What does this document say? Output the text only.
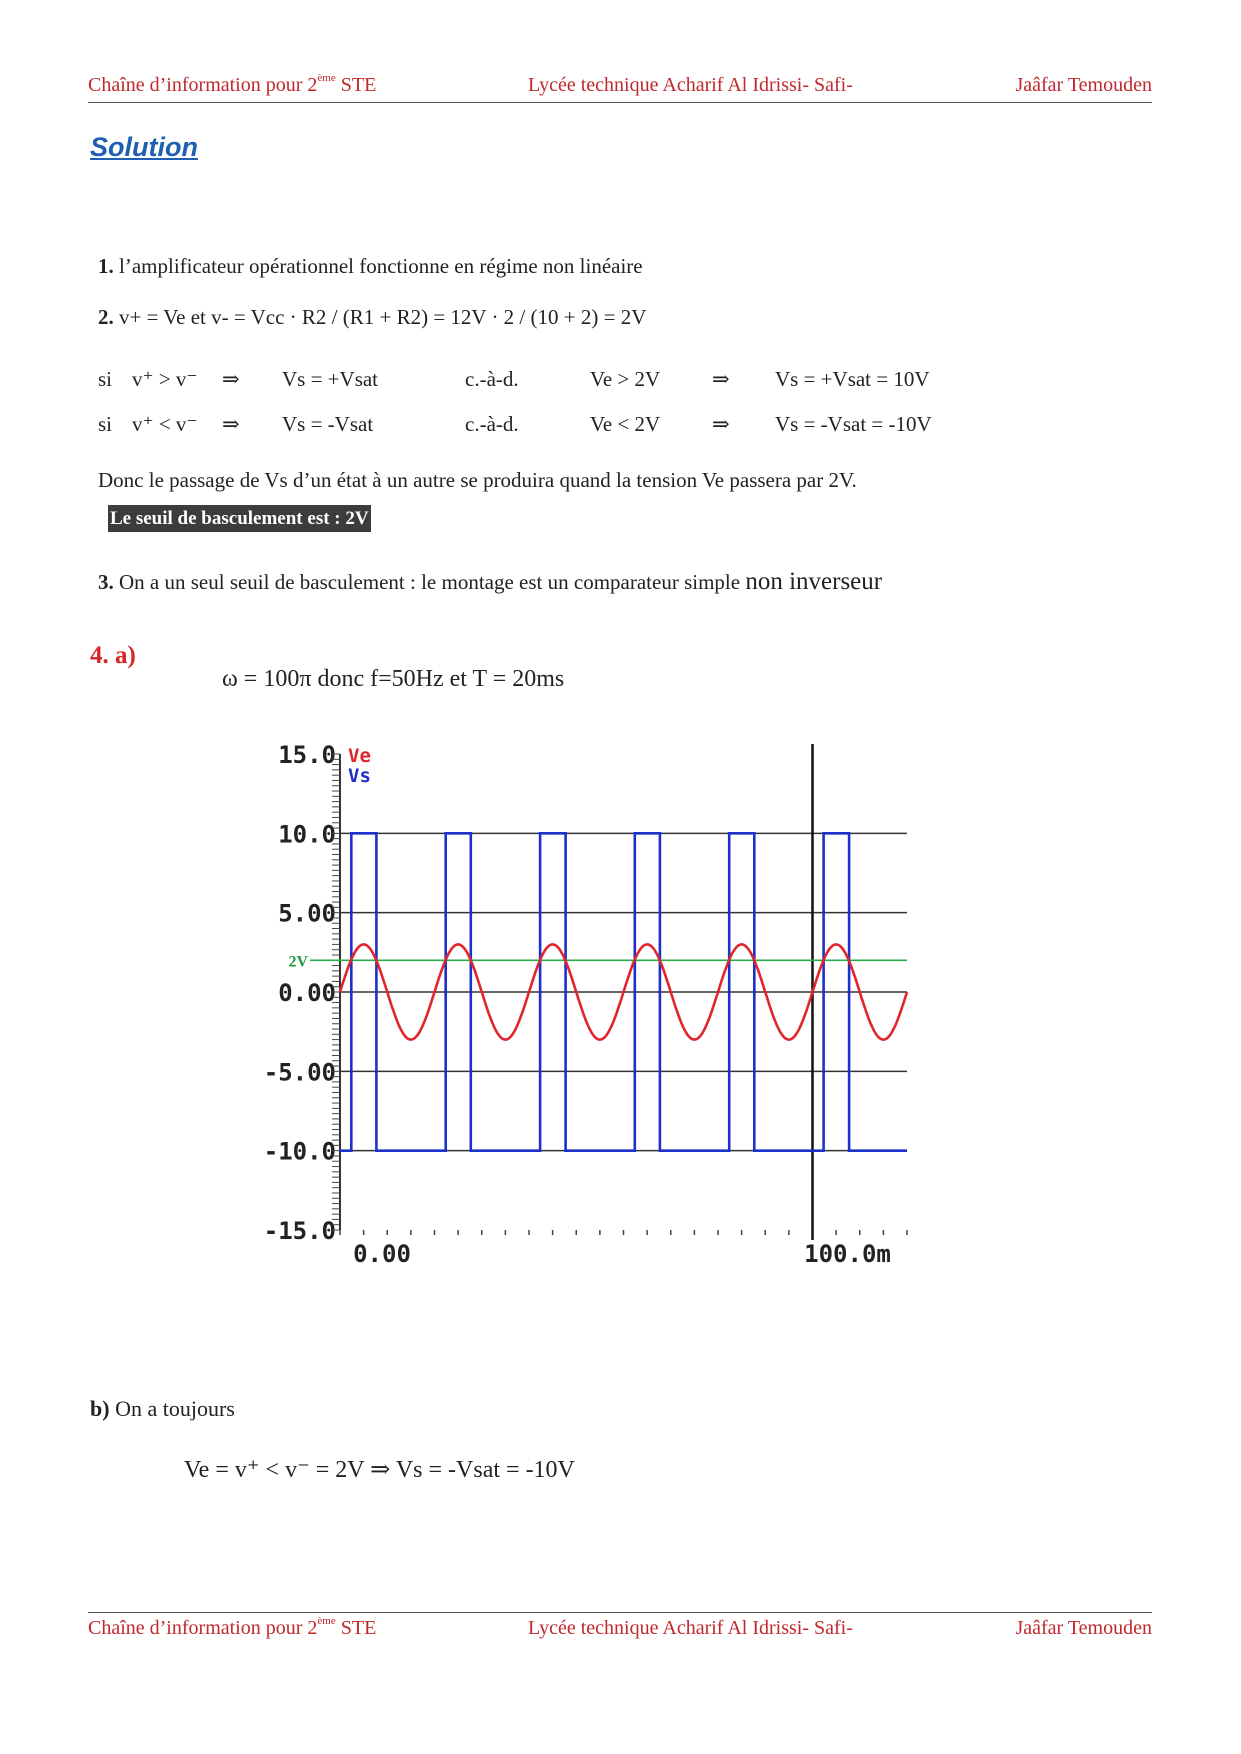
Chaîne d’information pour 2ème STE	Lycée technique Acharif Al Idrissi- Safi-	Jaâfar Temouden
Solution
1. l’amplificateur opérationnel fonctionne en régime non linéaire
2. v+ = Ve et v- = Vcc · R2 / (R1 + R2) = 12V · 2 / (10 + 2) = 2V
si v⁺ > v⁻ ⇒ Vs = +Vsat	c.-à-d.	Ve > 2V ⇒ Vs = +Vsat = 10V
si v⁺ < v⁻ ⇒ Vs = -Vsat	c.-à-d.	Ve < 2V ⇒ Vs = -Vsat = -10V
Donc le passage de Vs d’un état à un autre se produira quand la tension Ve passera par 2V.
Le seuil de basculement est : 2V
3. On a un seul seuil de basculement : le montage est un comparateur simple non inverseur
4. a)
ω = 100π donc f=50Hz et T = 20ms
15.0
10.0
5.00
0.00
-5.00
-10.0
-15.0
0.00	100.0m
2V
Ve
Vs
b) On a toujours
Ve = v⁺ < v⁻ = 2V ⇒ Vs = -Vsat = -10V
Chaîne d’information pour 2ème STE	Lycée technique Acharif Al Idrissi- Safi-	Jaâfar Temouden
